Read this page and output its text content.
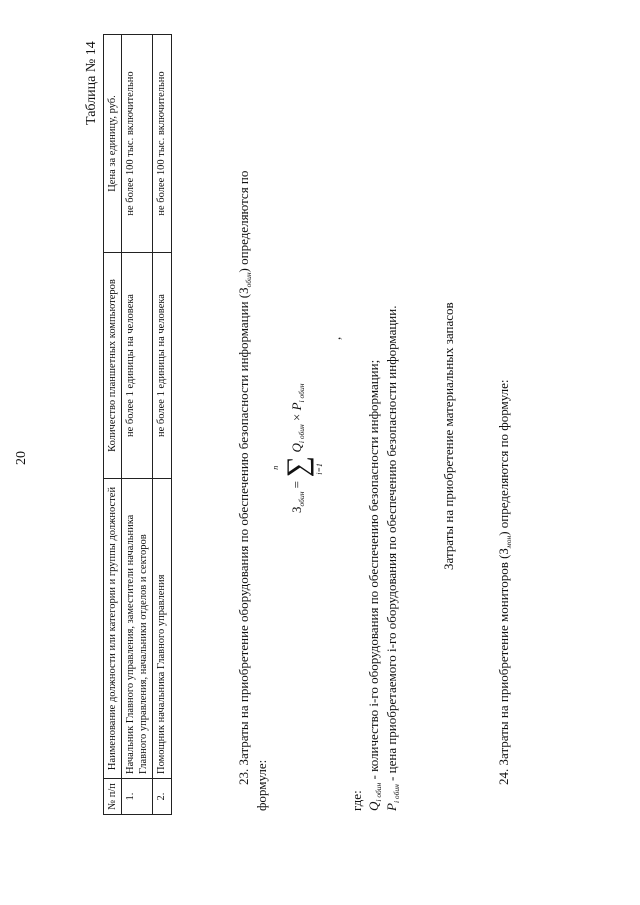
20
Таблица № 14
№ п/п	Наименование должности или категории и группы должностей	Количество планшетных компьютеров	Цена за единицу, руб.
1.	Начальник Главного управления, заместители начальника Главного управления, начальники отделов и секторов	не более 1 единицы на человека	не более 100 тыс. включительно
2.	Помощник начальника Главного управления	не более 1 единицы на человека	не более 100 тыс. включительно
23. Затраты на приобретение оборудования по обеспечению безопасности информации $(З_{обин})$ определяются по
формуле:
$З_{обин}$ =
n ∑ i=1
$Q_{i обин} \times P_{i обин}$
,
где: $Q_{i обин}$ - количество i-го оборудования по обеспечению безопасности информации;
$P_{i обин}$ - цена приобретаемого i-го оборудования по обеспечению безопасности информации.	Затраты на приобретение материальных запасов
24. Затраты на приобретение мониторов $(З_{мон})$ определяются по формуле:
